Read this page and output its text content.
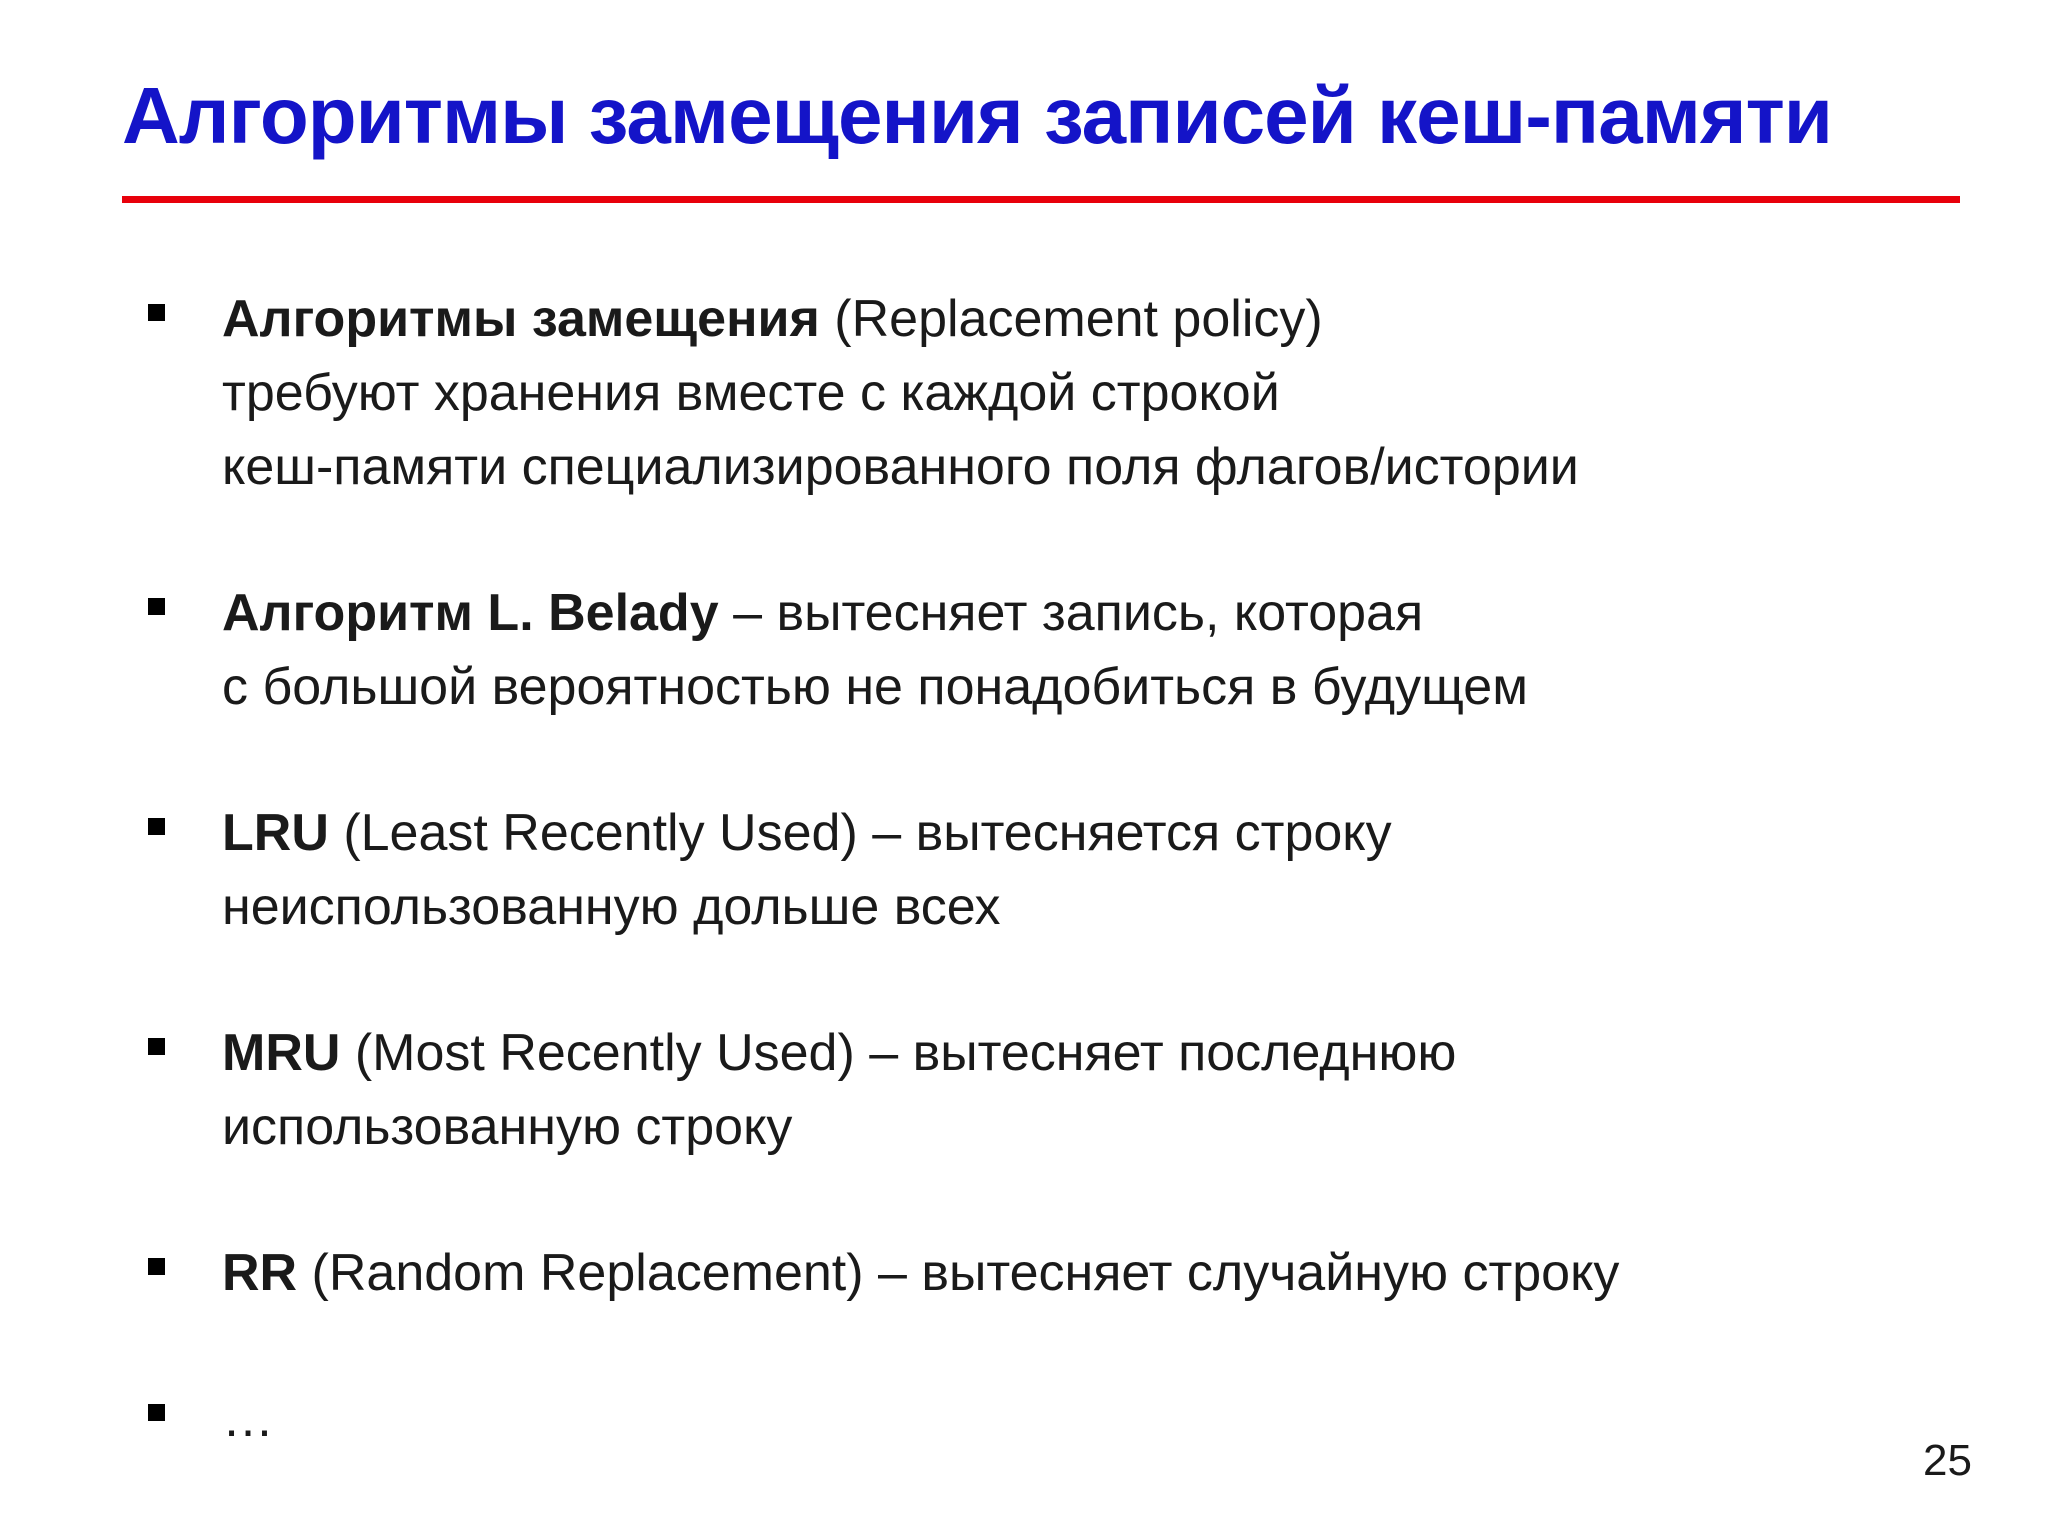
Алгоритмы замещения записей кеш-памяти
Алгоритмы замещения (Replacement policy)
требуют хранения вместе с каждой строкой
кеш-памяти специализированного поля флагов/истории
Алгоритм L. Belady – вытесняет запись, которая
с большой вероятностью не понадобиться в будущем
LRU (Least Recently Used) – вытесняется строку
неиспользованную дольше всех
MRU (Most Recently Used) – вытесняет последнюю
использованную строку
RR (Random Replacement) – вытесняет случайную строку
…
25
